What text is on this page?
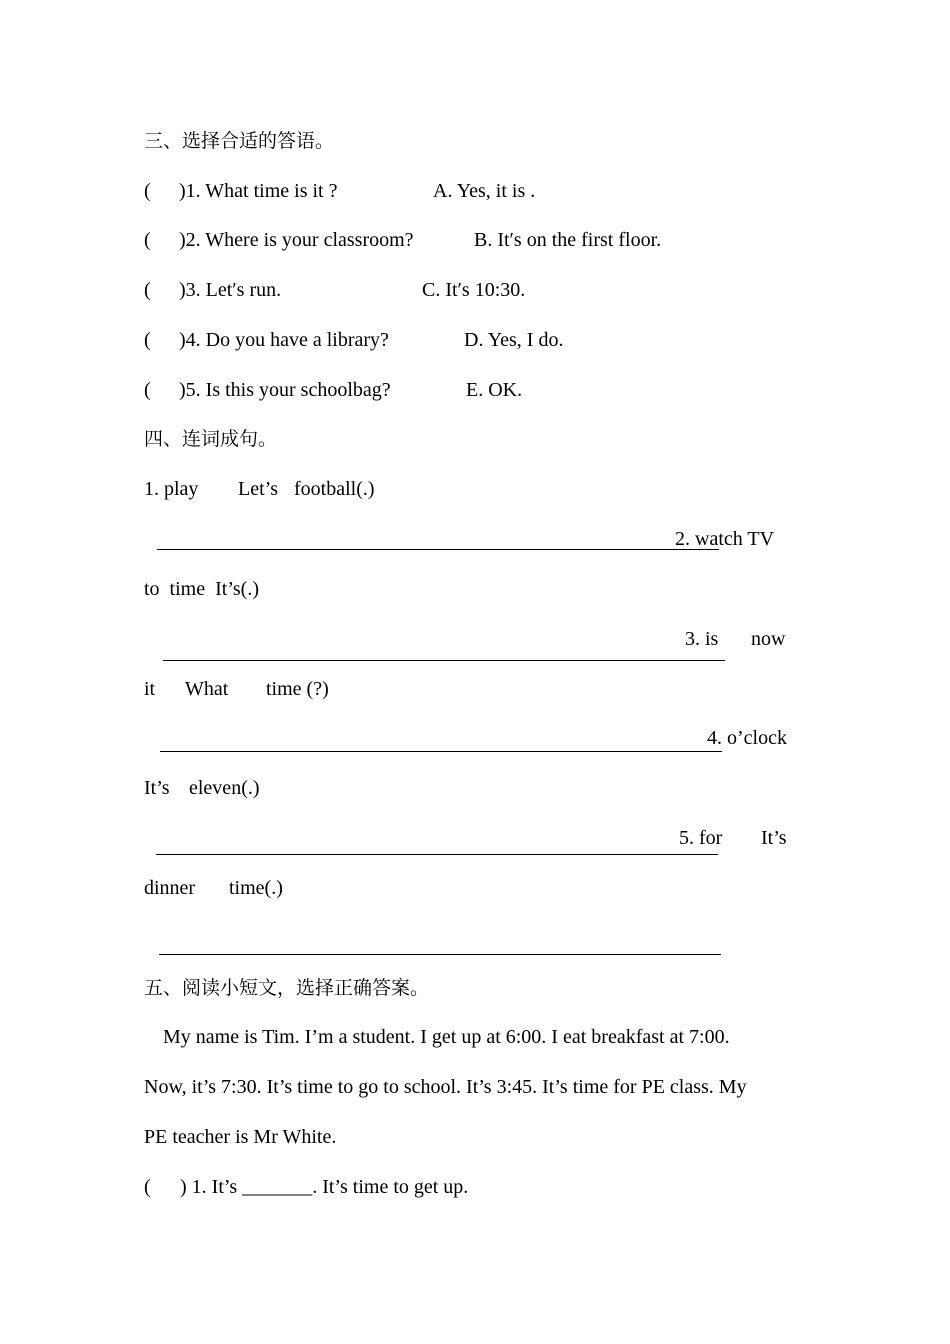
三、选择合适的答语。
( )1. What time is it ?	A. Yes, it is .
( )2. Where is your classroom?	B. It′s on the first floor.
( )3. Let′s run.	C. It′s 10:30.
( )4. Do you have a library?	D. Yes, I do.
( )5. Is this your schoolbag?	E. OK.
四、连词成句。
1. play Let’s football(.)
2. watch TV
to  time  It’s(.)
3. is now
it What time (?)
4. o’clock
It’s eleven(.)
5. for It’s
dinner time(.)
五、阅读小短文，选择正确答案。
My name is Tim. I’m a student. I get up at 6:00. I eat breakfast at 7:00.
Now, it’s 7:30. It’s time to go to school. It’s 3:45. It’s time for PE class. My
PE teacher is Mr White.
( ) 1. It’s _______. It’s time to get up.
